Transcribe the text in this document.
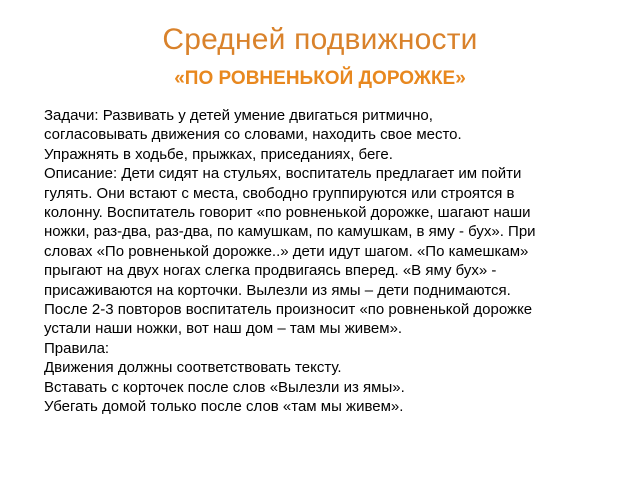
Средней подвижности
«ПО РОВНЕНЬКОЙ ДОРОЖКЕ»
Задачи: Развивать у детей умение двигаться ритмично,
согласовывать движения со словами, находить свое место.
Упражнять в ходьбе, прыжках, приседаниях, беге.
Описание: Дети сидят на стульях, воспитатель предлагает им пойти
гулять. Они встают с места, свободно группируются или строятся в
колонну. Воспитатель говорит «по ровненькой дорожке, шагают наши
ножки, раз-два, раз-два, по камушкам, по камушкам, в яму - бух». При
словах «По ровненькой дорожке..» дети идут шагом. «По камешкам»
прыгают на двух ногах слегка продвигаясь вперед. «В яму бух» -
присаживаются на корточки. Вылезли из ямы – дети поднимаются.
После 2-3 повторов воспитатель произносит «по ровненькой дорожке
устали наши ножки, вот наш дом – там мы живем».
Правила:
Движения должны соответствовать тексту.
Вставать с корточек после слов «Вылезли из ямы».
Убегать домой только после слов «там мы живем».
